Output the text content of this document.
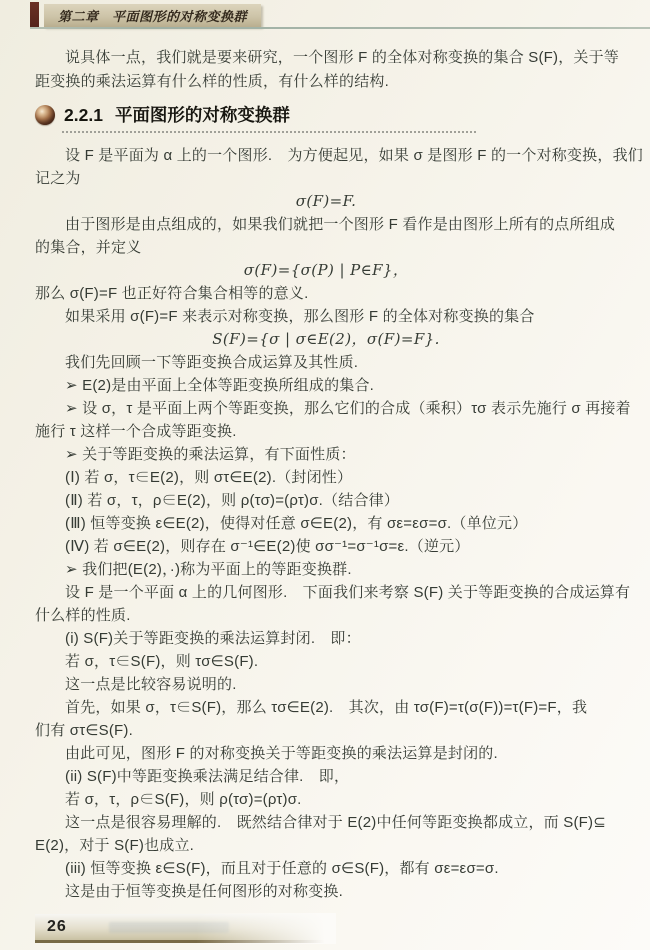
第二章　平面图形的对称变换群
说具体一点，我们就是要来研究，一个图形 F 的全体对称变换的集合 S(F)，关于等
距变换的乘法运算有什么样的性质，有什么样的结构.
2.2.1 平面图形的对称变换群
设 F 是平面为 α 上的一个图形.　为方便起见，如果 σ 是图形 F 的一个对称变换，我们
记之为
σ(F)=F.
由于图形是由点组成的，如果我们就把一个图形 F 看作是由图形上所有的点所组成
的集合，并定义
σ(F)={σ(P) | P∈F}，
那么 σ(F)=F 也正好符合集合相等的意义.
如果采用 σ(F)=F 来表示对称变换，那么图形 F 的全体对称变换的集合
S(F)={σ | σ∈E(2)，σ(F)=F}.
我们先回顾一下等距变换合成运算及其性质.
➢ E(2)是由平面上全体等距变换所组成的集合.
➢ 设 σ，τ 是平面上两个等距变换，那么它们的合成（乘积）τσ 表示先施行 σ 再接着
施行 τ 这样一个合成等距变换.
➢ 关于等距变换的乘法运算，有下面性质：
(Ⅰ) 若 σ，τ∈E(2)，则 στ∈E(2).（封闭性）
(Ⅱ) 若 σ，τ，ρ∈E(2)，则 ρ(τσ)=(ρτ)σ.（结合律）
(Ⅲ) 恒等变换 ε∈E(2)，使得对任意 σ∈E(2)，有 σε=εσ=σ.（单位元）
(Ⅳ) 若 σ∈E(2)，则存在 σ⁻¹∈E(2)使 σσ⁻¹=σ⁻¹σ=ε.（逆元）
➢ 我们把(E(2)，·)称为平面上的等距变换群.
设 F 是一个平面 α 上的几何图形.　下面我们来考察 S(F) 关于等距变换的合成运算有
什么样的性质.
(i) S(F)关于等距变换的乘法运算封闭.　即：
若 σ，τ∈S(F)，则 τσ∈S(F).
这一点是比较容易说明的.
首先，如果 σ，τ∈S(F)，那么 τσ∈E(2).　其次，由 τσ(F)=τ(σ(F))=τ(F)=F，我
们有 στ∈S(F).
由此可见，图形 F 的对称变换关于等距变换的乘法运算是封闭的.
(ii) S(F)中等距变换乘法满足结合律.　即，
若 σ，τ，ρ∈S(F)，则 ρ(τσ)=(ρτ)σ.
这一点是很容易理解的.　既然结合律对于 E(2)中任何等距变换都成立，而 S(F)⊆
E(2)，对于 S(F)也成立.
(iii) 恒等变换 ε∈S(F)，而且对于任意的 σ∈S(F)，都有 σε=εσ=σ.
这是由于恒等变换是任何图形的对称变换.
26
